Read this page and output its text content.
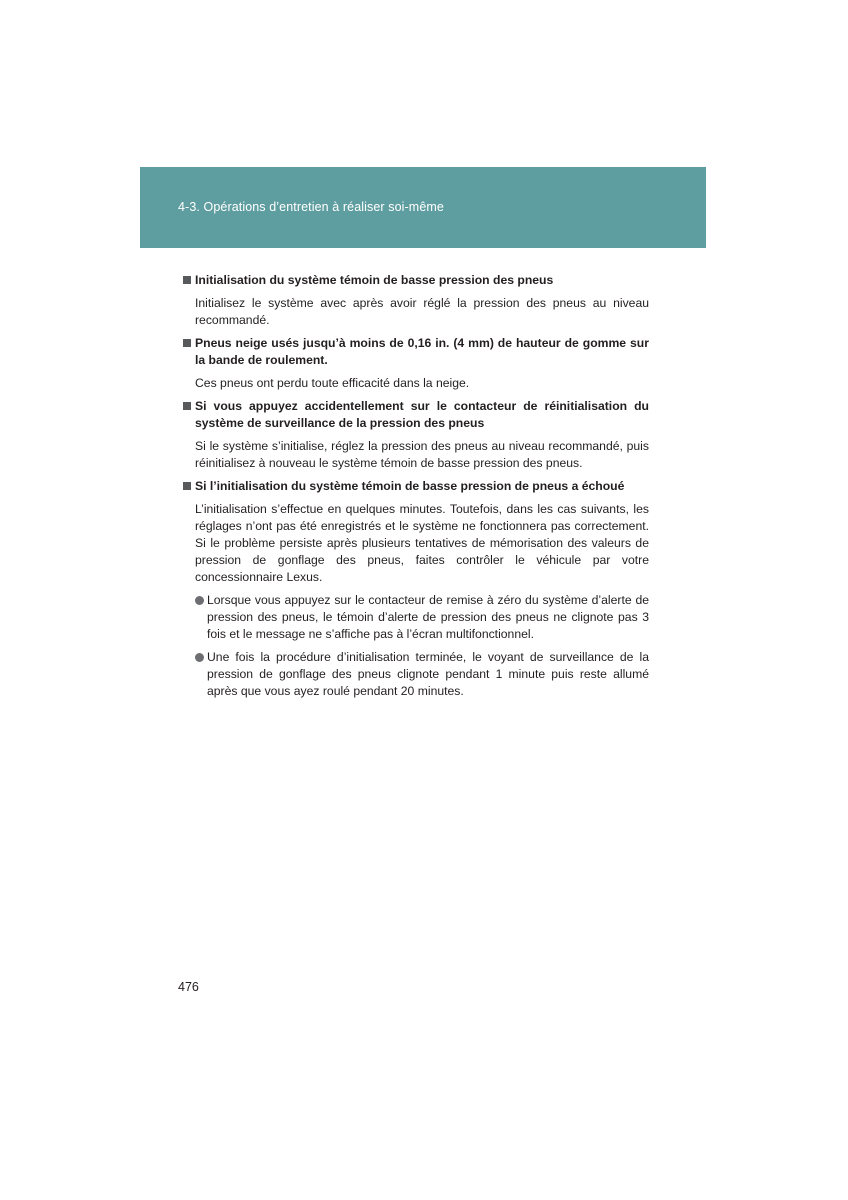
4-3. Opérations d’entretien à réaliser soi-même
Initialisation du système témoin de basse pression des pneus
Initialisez le système avec après avoir réglé la pression des pneus au niveau recommandé.
Pneus neige usés jusqu’à moins de 0,16 in. (4 mm) de hauteur de gomme sur la bande de roulement.
Ces pneus ont perdu toute efficacité dans la neige.
Si vous appuyez accidentellement sur le contacteur de réinitialisation du système de surveillance de la pression des pneus
Si le système s’initialise, réglez la pression des pneus au niveau recommandé, puis réinitialisez à nouveau le système témoin de basse pression des pneus.
Si l’initialisation du système témoin de basse pression de pneus a échoué
L’initialisation s’effectue en quelques minutes. Toutefois, dans les cas suivants, les réglages n’ont pas été enregistrés et le système ne fonctionnera pas correctement. Si le problème persiste après plusieurs tentatives de mémorisation des valeurs de pression de gonflage des pneus, faites contrôler le véhicule par votre concessionnaire Lexus.
Lorsque vous appuyez sur le contacteur de remise à zéro du système d’alerte de pression des pneus, le témoin d’alerte de pression des pneus ne clignote pas 3 fois et le message ne s’affiche pas à l’écran multifonctionnel.
Une fois la procédure d’initialisation terminée, le voyant de surveillance de la pression de gonflage des pneus clignote pendant 1 minute puis reste allumé après que vous ayez roulé pendant 20 minutes.
476
